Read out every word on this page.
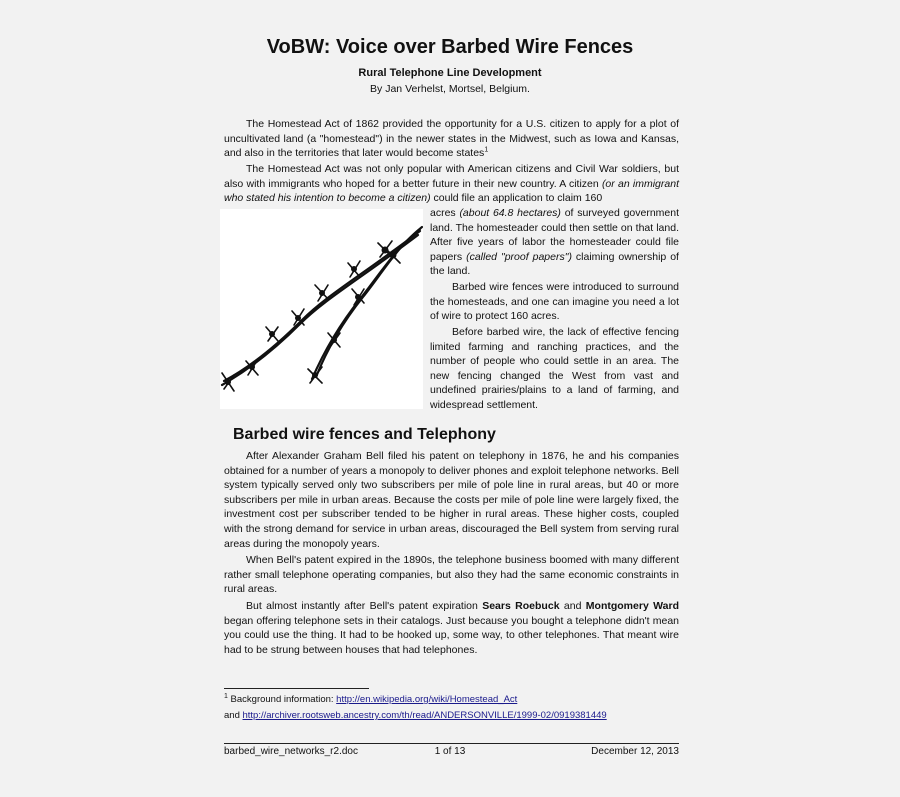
VoBW: Voice over Barbed Wire Fences

Rural Telephone Line Development

By Jan Verhelst, Mortsel, Belgium.

The Homestead Act of 1862 provided the opportunity for a U.S. citizen to apply for a plot of uncultivated land (a "homestead") in the newer states in the Midwest, such as Iowa and Kansas, and also in the territories that later would become states$^1$

The Homestead Act was not only popular with American citizens and Civil War soldiers, but also with immigrants who hoped for a better future in their new country. A citizen (or an immigrant who stated his intention to become a citizen) could file an application to claim 160

acres (about 64.8 hectares) of surveyed government land. The homesteader could then settle on that land. After five years of labor the homesteader could file papers (called "proof papers") claiming ownership of the land.

Barbed wire fences were introduced to surround the homesteads, and one can imagine you need a lot of wire to protect 160 acres.

Before barbed wire, the lack of effective fencing limited farming and ranching practices, and the number of people who could settle in an area. The new fencing changed the West from vast and undefined prairies/plains to a land of farming, and widespread settlement.

Barbed wire fences and Telephony

After Alexander Graham Bell filed his patent on telephony in 1876, he and his companies obtained for a number of years a monopoly to deliver phones and exploit telephone networks. Bell system typically served only two subscribers per mile of pole line in rural areas, but 40 or more subscribers per mile in urban areas. Because the costs per mile of pole line were largely fixed, the investment cost per subscriber tended to be higher in rural areas. These higher costs, coupled with the strong demand for service in urban areas, discouraged the Bell system from serving rural areas during the monopoly years.

When Bell's patent expired in the 1890s, the telephone business boomed with many different rather small telephone operating companies, but also they had the same economic constraints in rural areas.

But almost instantly after Bell's patent expiration Sears Roebuck and Montgomery Ward began offering telephone sets in their catalogs. Just because you bought a telephone didn't mean you could use the thing. It had to be hooked up, some way, to other telephones. That meant wire had to be strung between houses that had telephones.

$^1$ Background information: http://en.wikipedia.org/wiki/Homestead_Act

and http://archiver.rootsweb.ancestry.com/th/read/ANDERSONVILLE/1999-02/0919381449

barbed_wire_networks_r2.doc	1 of 13	December 12, 2013
